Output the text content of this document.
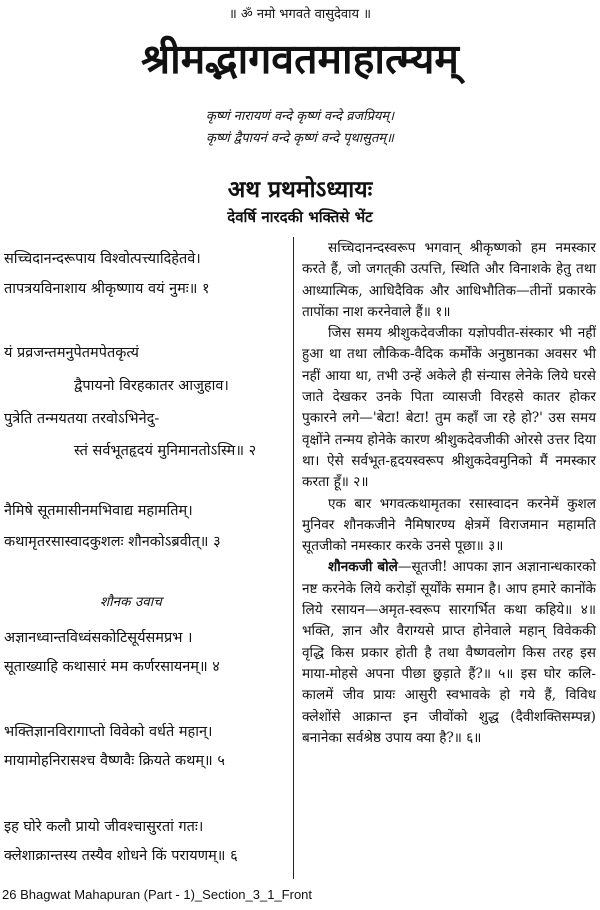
॥ ॐ नमो भगवते वासुदेवाय ॥
श्रीमद्भागवतमाहात्म्यम्
कृष्णं नारायणं वन्दे कृष्णं वन्दे व्रजप्रियम्।
कृष्णं द्वैपायनं वन्दे कृष्णं वन्दे पृथासुतम्॥
अथ प्रथमोऽध्यायः
देवर्षि नारदकी भक्तिसे भेंट
सच्चिदानन्दरूपाय विश्वोत्पत्त्यादिहेतवे।
तापत्रयविनाशाय श्रीकृष्णाय वयं नुमः॥ १
यं प्रव्रजन्तमनुपेतमपेतकृत्यं
द्वैपायनो विरहकातर आजुहाव।
पुत्रेति तन्मयतया तरवोऽभिनेदु-
स्तं सर्वभूतहृदयं मुनिमानतोऽस्मि॥ २
नैमिषे सूतमासीनमभिवाद्य महामतिम्।
कथामृतरसास्वादकुशलः शौनकोऽब्रवीत्॥ ३
शौनक उवाच
अज्ञानध्वान्तविध्वंसकोटिसूर्यसमप्रभ ।
सूताख्याहि कथासारं मम कर्णरसायनम्॥ ४
भक्तिज्ञानविरागाप्तो विवेको वर्धते महान्।
मायामोहनिरासश्च वैष्णवैः क्रियते कथम्॥ ५
इह घोरे कलौ प्रायो जीवश्चासुरतां गतः।
क्लेशाक्रान्तस्य तस्यैव शोधने किं परायणम्॥ ६

सच्चिदानन्दस्वरूप भगवान् श्रीकृष्णको हम नमस्कार करते हैं, जो जगत्‌की उत्पत्ति, स्थिति और विनाशके हेतु तथा आध्यात्मिक, आधिदैविक और आधिभौतिक—तीनों प्रकारके तापोंका नाश करनेवाले हैं॥ १॥

जिस समय श्रीशुकदेवजीका यज्ञोपवीत-संस्कार भी नहीं हुआ था तथा लौकिक-वैदिक कर्मोंके अनुष्ठानका अवसर भी नहीं आया था, तभी उन्हें अकेले ही संन्यास लेनेके लिये घरसे जाते देखकर उनके पिता व्यासजी विरहसे कातर होकर पुकारने लगे—'बेटा! बेटा! तुम कहाँ जा रहे हो?' उस समय वृक्षोंने तन्मय होनेके कारण श्रीशुकदेवजीकी ओरसे उत्तर दिया था। ऐसे सर्वभूत-हृदयस्वरूप श्रीशुकदेवमुनिको मैं नमस्कार करता हूँ॥ २॥

एक बार भगवत्कथामृतका रसास्वादन करनेमें कुशल मुनिवर शौनकजीने नैमिषारण्य क्षेत्रमें विराजमान महामति सूतजीको नमस्कार करके उनसे पूछा॥ ३॥

शौनकजी बोले—सूतजी! आपका ज्ञान अज्ञानान्धकारको नष्ट करनेके लिये करोड़ों सूर्योंके समान है। आप हमारे कानोंके लिये रसायन—अमृत-स्वरूप सारगर्भित कथा कहिये॥ ४॥ भक्ति, ज्ञान और वैराग्यसे प्राप्त होनेवाले महान् विवेककी वृद्धि किस प्रकार होती है तथा वैष्णवलोग किस तरह इस माया-मोहसे अपना पीछा छुड़ाते हैं?॥ ५॥ इस घोर कलि-कालमें जीव प्रायः आसुरी स्वभावके हो गये हैं, विविध क्लेशोंसे आक्रान्त इन जीवोंको शुद्ध (दैवीशक्तिसम्पन्न) बनानेका सर्वश्रेष्ठ उपाय क्या है?॥ ६॥

26 Bhagwat Mahapuran (Part - 1)_Section_3_1_Front
